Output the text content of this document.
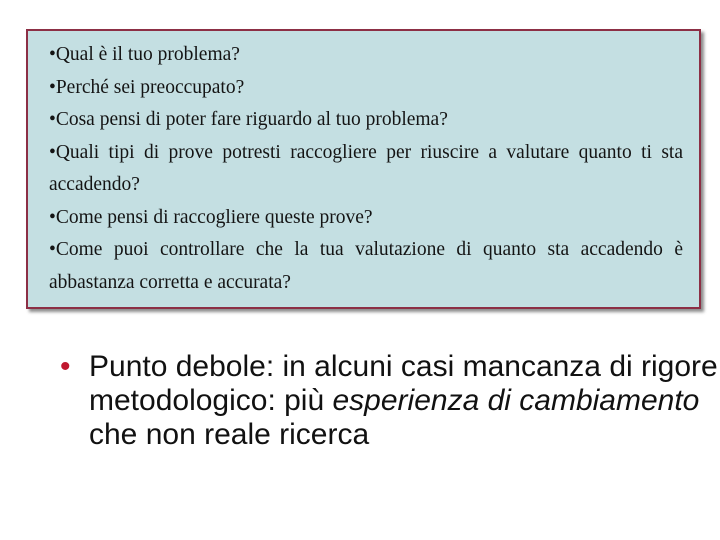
•Qual è il tuo problema?

•Perché sei preoccupato?

•Cosa pensi di poter fare riguardo al tuo problema?

•Quali tipi di prove potresti raccogliere per riuscire a valutare quanto ti sta accadendo?

•Come pensi di raccogliere queste prove?

•Come puoi controllare che la tua valutazione di quanto sta accadendo è abbastanza corretta e accurata?

• Punto debole: in alcuni casi mancanza di rigore metodologico: più esperienza di cambiamento che non reale ricerca
